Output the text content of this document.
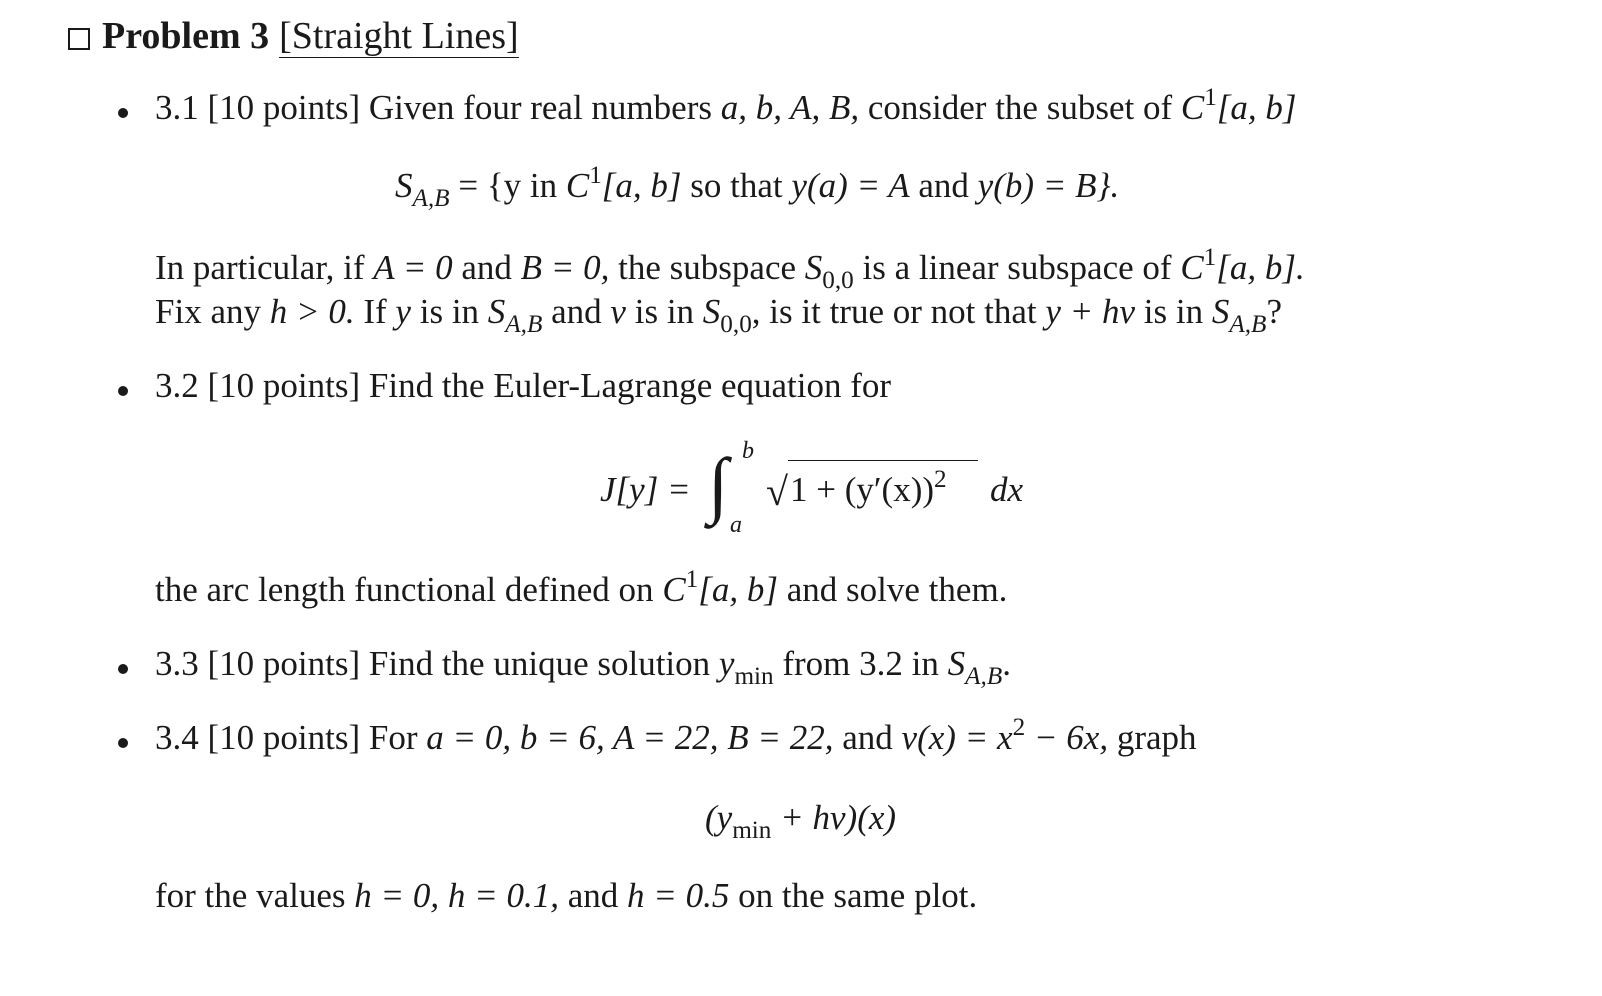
Problem 3 [Straight Lines]
3.1 [10 points] Given four real numbers a, b, A, B, consider the subset of $C^1[a$, b]
$S_{A,B} = \{y$ in $C^1[a$, b] so that y(a) = A and y(b) = B}.
In particular, if A = 0 and B = 0, the subspace $S_{0,0}$ is a linear subspace of $C^1[a$, b].
Fix any h > 0. If y is in $S_{A,B}$ and v is in $S_{0,0}$, is it true or not that y + hv is in $S_{A,B}$?
3.2 [10 points] Find the Euler-Lagrange equation for
J[y] = ∫ b
a
√ $1 + (y'(x))^2$ dx
the arc length functional defined on $C^1[a$, b] and solve them.
3.3 [10 points] Find the unique solution $y_{min}$ from 3.2 in $S_{A,B}$.
3.4 [10 points] For a = 0, b = 6, A = 22, B = 22, and $v(x) = x^2 - 6x$, graph
$(y_{min} + hv)(x)$
for the values h = 0, h = 0.1, and h = 0.5 on the same plot.
